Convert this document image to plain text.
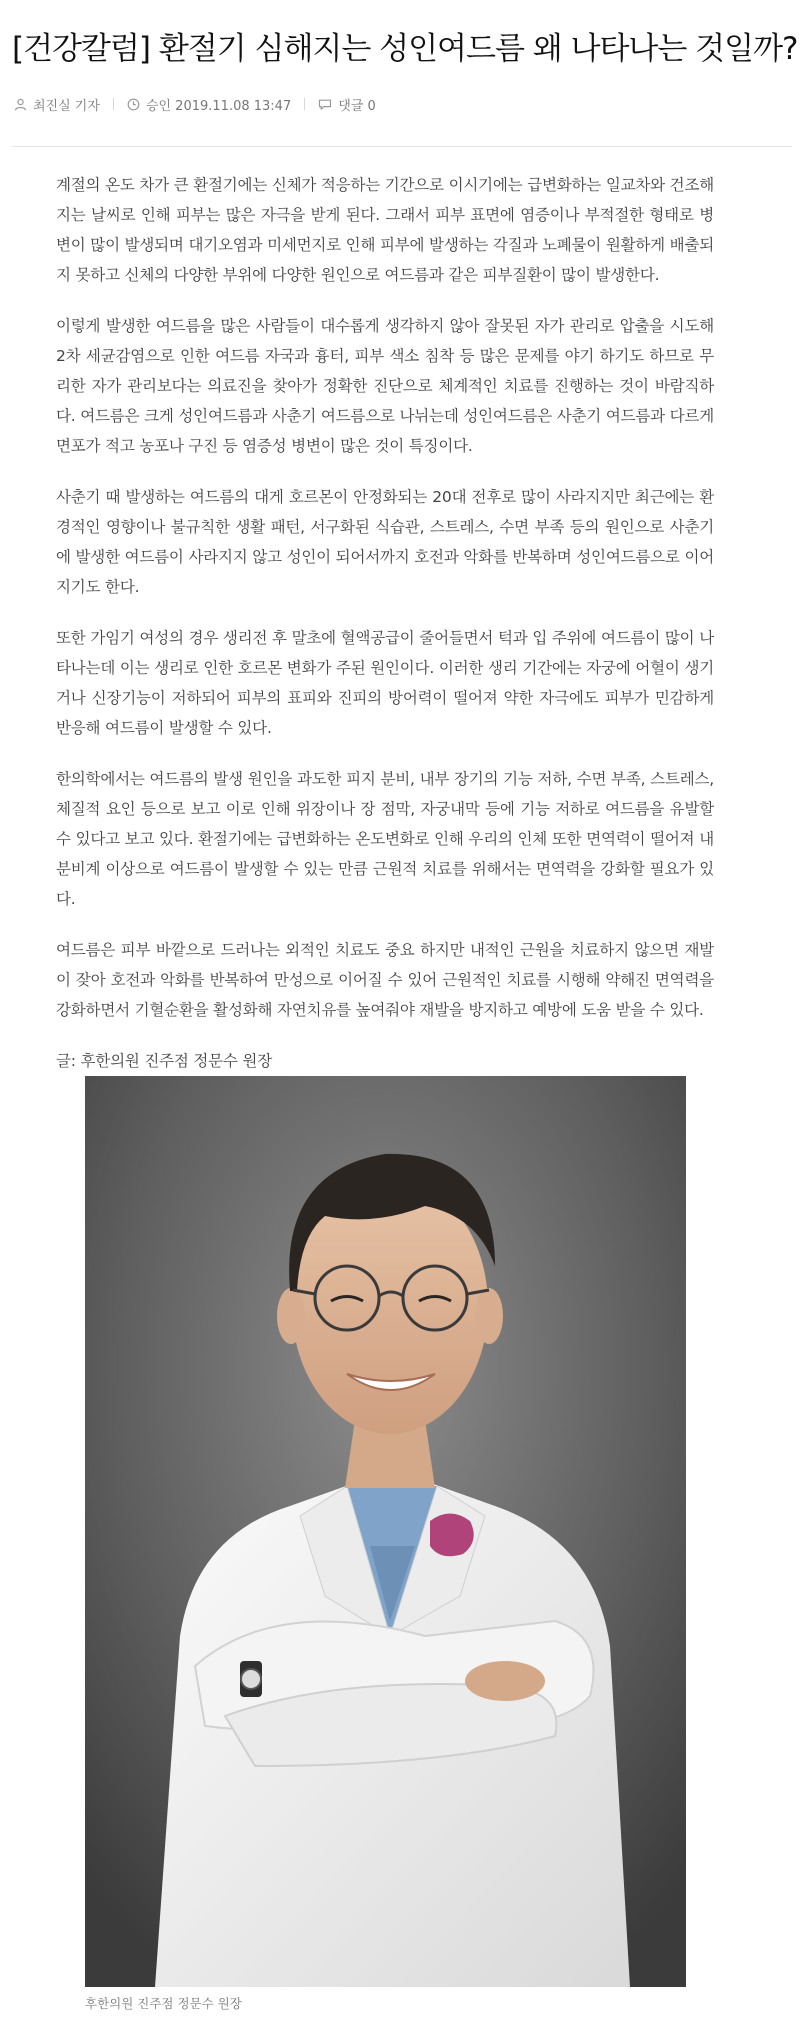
[건강칼럼] 환절기 심해지는 성인여드름 왜 나타나는 것일까?
최진실 기자	승인 2019.11.08 13:47	댓글 0

계절의 온도 차가 큰 환절기에는 신체가 적응하는 기간으로 이시기에는 급변화하는 일교차와 건조해지는 날씨로 인해 피부는 많은 자극을 받게 된다. 그래서 피부 표면에 염증이나 부적절한 형태로 병변이 많이 발생되며 대기오염과 미세먼지로 인해 피부에 발생하는 각질과 노폐물이 원활하게 배출되지 못하고 신체의 다양한 부위에 다양한 원인으로 여드름과 같은 피부질환이 많이 발생한다.

이렇게 발생한 여드름을 많은 사람들이 대수롭게 생각하지 않아 잘못된 자가 관리로 압출을 시도해 2차 세균감염으로 인한 여드름 자국과 흉터, 피부 색소 침착 등 많은 문제를 야기 하기도 하므로 무리한 자가 관리보다는 의료진을 찾아가 정확한 진단으로 체계적인 치료를 진행하는 것이 바람직하다. 여드름은 크게 성인여드름과 사춘기 여드름으로 나뉘는데 성인여드름은 사춘기 여드름과 다르게 면포가 적고 농포나 구진 등 염증성 병변이 많은 것이 특징이다.

사춘기 때 발생하는 여드름의 대게 호르몬이 안정화되는 20대 전후로 많이 사라지지만 최근에는 환경적인 영향이나 불규칙한 생활 패턴, 서구화된 식습관, 스트레스, 수면 부족 등의 원인으로 사춘기에 발생한 여드름이 사라지지 않고 성인이 되어서까지 호전과 악화를 반복하며 성인여드름으로 이어지기도 한다.

또한 가임기 여성의 경우 생리전 후 말초에 혈액공급이 줄어들면서 턱과 입 주위에 여드름이 많이 나타나는데 이는 생리로 인한 호르몬 변화가 주된 원인이다. 이러한 생리 기간에는 자궁에 어혈이 생기거나 신장기능이 저하되어 피부의 표피와 진피의 방어력이 떨어져 약한 자극에도 피부가 민감하게 반응해 여드름이 발생할 수 있다.

한의학에서는 여드름의 발생 원인을 과도한 피지 분비, 내부 장기의 기능 저하, 수면 부족, 스트레스, 체질적 요인 등으로 보고 이로 인해 위장이나 장 점막, 자궁내막 등에 기능 저하로 여드름을 유발할 수 있다고 보고 있다. 환절기에는 급변화하는 온도변화로 인해 우리의 인체 또한 면역력이 떨어져 내분비계 이상으로 여드름이 발생할 수 있는 만큼 근원적 치료를 위해서는 면역력을 강화할 필요가 있다.

여드름은 피부 바깥으로 드러나는 외적인 치료도 중요 하지만 내적인 근원을 치료하지 않으면 재발이 잦아 호전과 악화를 반복하여 만성으로 이어질 수 있어 근원적인 치료를 시행해 약해진 면역력을 강화하면서 기혈순환을 활성화해 자연치유를 높여줘야 재발을 방지하고 예방에 도움 받을 수 있다.

글: 후한의원 진주점 정문수 원장

후한의원 진주점 정문수 원장
